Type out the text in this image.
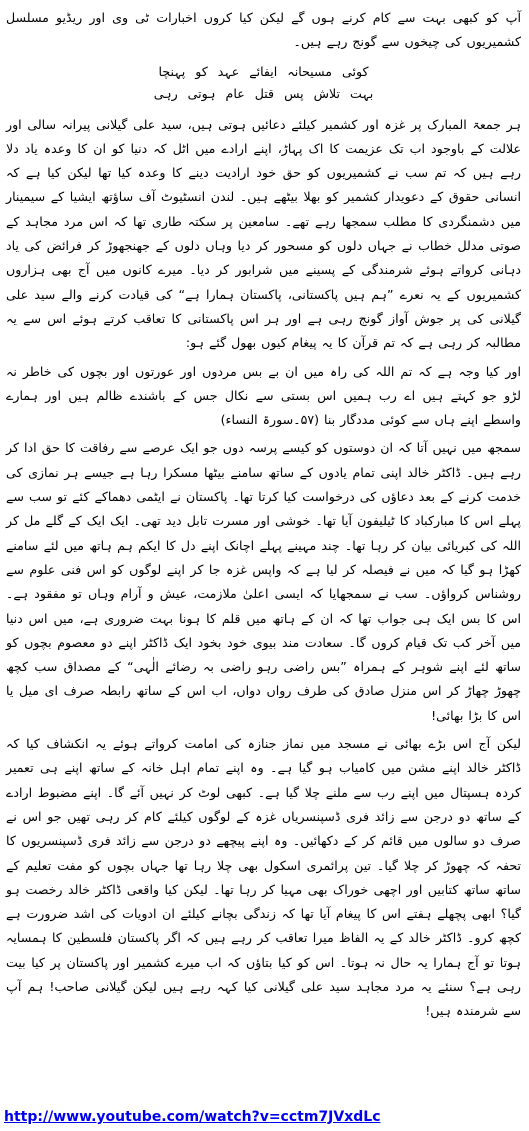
آپ کو کبھی بہت سے کام کرنے ہوں گے لیکن کیا کروں اخبارات ٹی وی اور ریڈیو مسلسل کشمیریوں کی چیخوں سے گونج رہے ہیں۔

کوئی مسیحانہ ایفائے عہد کو پہنچا بہت تلاش پس قتل عام ہوتی رہی

ہر جمعۃ المبارک پر غزہ اور کشمیر کیلئے دعائیں ہوتی ہیں، سید علی گیلانی پیرانہ سالی اور علالت کے باوجود اب تک عزیمت کا اک پہاڑ، اپنے ارادے میں اٹل کہ دنیا کو ان کا وعدہ یاد دلا رہے ہیں کہ تم سب نے کشمیریوں کو حق خود ارادیت دینے کا وعدہ کیا تھا لیکن کیا ہے کہ انسانی حقوق کے دعویدار کشمیر کو بھلا بیٹھے ہیں۔ لندن انسٹیوٹ آف ساؤتھ ایشیا کے سیمینار میں دشمنگردی کا مطلب سمجھا رہے تھے۔ سامعین پر سکتہ طاری تھا کہ اس مرد مجاہد کے صوتی مدلل خطاب نے جہاں دلوں کو مسحور کر دیا وہاں دلوں کے جھنجھوڑ کر فرائض کی یاد دہانی کرواتے ہوئے شرمندگی کے پسینے میں شرابور کر دیا۔ میرے کانوں میں آج بھی ہزاروں کشمیریوں کے یہ نعرے ”ہم ہیں پاکستانی، پاکستان ہمارا ہے“ کی قیادت کرنے والے سید علی گیلانی کی پر جوش آواز گونج رہی ہے اور ہر اس پاکستانی کا تعاقب کرتے ہوئے اس سے یہ مطالبہ کر رہی ہے کہ تم قرآن کا یہ پیغام کیوں بھول گئے ہو:

اور کیا وجہ ہے کہ تم اللہ کی راہ میں ان بے بس مردوں اور عورتوں اور بچوں کی خاطر نہ لڑو جو کہتے ہیں اے رب ہمیں اس بستی سے نکال جس کے باشندے ظالم ہیں اور ہمارے واسطے اپنے ہاں سے کوئی مددگار بنا (۵۷۔سورۃ النساء)

سمجھ میں نہیں آتا کہ ان دوستوں کو کیسے پرسہ دوں جو ایک عرصے سے رفاقت کا حق ادا کر رہے ہیں۔ ڈاکٹر خالد اپنی تمام یادوں کے ساتھ سامنے بیٹھا مسکرا رہا ہے جیسے ہر نمازی کی خدمت کرنے کے بعد دعاؤں کی درخواست کیا کرتا تھا۔ پاکستان نے ایٹمی دھماکے کئے تو سب سے پہلے اس کا مبارکباد کا ٹیلیفون آیا تھا۔ خوشی اور مسرت تابل دید تھی۔ ایک ایک کے گلے مل کر اللہ کی کبریائی بیان کر رہا تھا۔ چند مہینے پہلے اچانک اپنے دل کا ایکم ہم ہاتھ میں لئے سامنے کھڑا ہو گیا کہ میں نے فیصلہ کر لیا ہے کہ واپس غزہ جا کر اپنے لوگوں کو اس فنی علوم سے روشناس کرواؤں۔ سب نے سمجھایا کہ ایسی اعلیٰ ملازمت، عیش و آرام وہاں تو مفقود ہے۔ اس کا بس ایک ہی جواب تھا کہ ان کے ہاتھ میں قلم کا ہونا بہت ضروری ہے، میں اس دنیا میں آخر کب تک قیام کروں گا۔ سعادت مند بیوی خود بخود ایک ڈاکٹر اپنے دو معصوم بچوں کو ساتھ لئے اپنے شوہر کے ہمراہ ”بس راضی رہو راضی بہ رضائے الٰہی“ کے مصداق سب کچھ چھوڑ چھاڑ کر اس منزل صادق کی طرف رواں دواں، اب اس کے ساتھ رابطہ صرف ای میل یا اس کا بڑا بھائی!

لیکن آج اس بڑے بھائی نے مسجد میں نماز جنازہ کی امامت کرواتے ہوئے یہ انکشاف کیا کہ ڈاکٹر خالد اپنے مشن میں کامیاب ہو گیا ہے۔ وہ اپنے تمام اہل خانہ کے ساتھ اپنے ہی تعمیر کردہ ہسپتال میں اپنے رب سے ملنے چلا گیا ہے۔ کبھی لوٹ کر نہیں آئے گا۔ اپنے مضبوط ارادے کے ساتھ دو درجن سے زائد فری ڈسپنسریاں غزہ کے لوگوں کیلئے کام کر رہی تھیں جو اس نے صرف دو سالوں میں قائم کر کے دکھائیں۔ وہ اپنے پیچھے دو درجن سے زائد فری ڈسپنسریوں کا تحفہ کہ چھوڑ کر چلا گیا۔ تین پرائمری اسکول بھی چلا رہا تھا جہاں بچوں کو مفت تعلیم کے ساتھ ساتھ کتابیں اور اچھی خوراک بھی مہیا کر رہا تھا۔ لیکن کیا واقعی ڈاکٹر خالد رخصت ہو گیا؟ ابھی پچھلے ہفتے اس کا پیغام آیا تھا کہ زندگی بچانے کیلئے ان ادویات کی اشد ضرورت ہے کچھ کرو۔ ڈاکٹر خالد کے یہ الفاظ میرا تعاقب کر رہے ہیں کہ اگر پاکستان فلسطین کا ہمسایہ ہوتا تو آج ہمارا یہ حال نہ ہوتا۔ اس کو کیا بتاؤں کہ اب میرے کشمیر اور پاکستان پر کیا بیت رہی ہے؟ سنئے یہ مرد مجاہد سید علی گیلانی کیا کہہ رہے ہیں لیکن گیلانی صاحب! ہم آپ سے شرمندہ ہیں!

http://www.youtube.com/watch?v=cctm7JVxdLc
